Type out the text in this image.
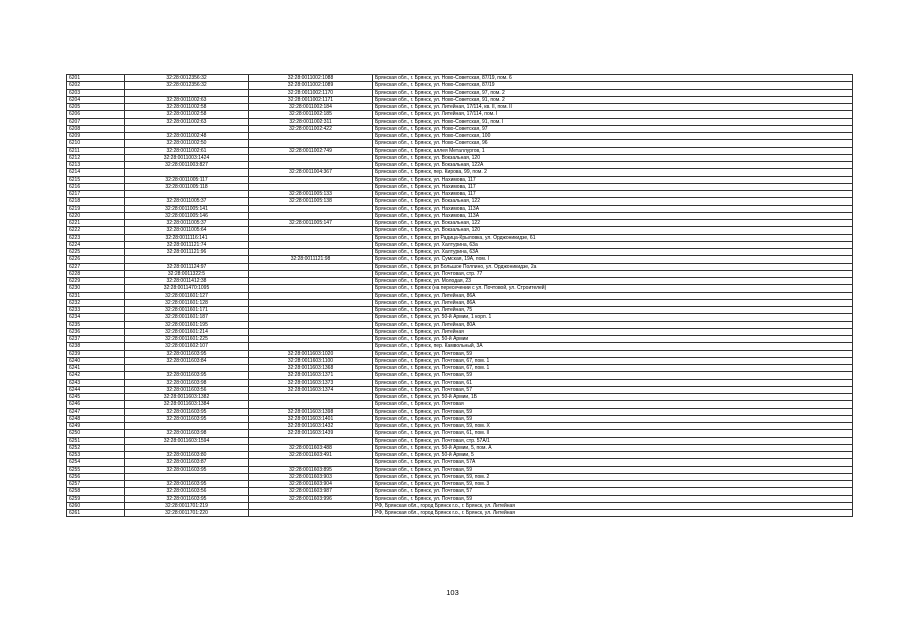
6201	32:28:0012356:32	32:28:0011002:1088	Брянская обл., г. Брянск, ул. Ново-Советская, 87/19, пом. 6
6202	32:28:0012356:32	32:28:0011002:1089	Брянская обл., г. Брянск, ул. Ново-Советская, 87/19
6203		32:28:0011002:1170	Брянская обл., г. Брянск, ул. Ново-Советская, 97, пом. 2
6204	32:28:0011002:63	32:28:0011002:1171	Брянская обл., г. Брянск, ул. Ново-Советская, 91, пом. 2
6205	32:28:0011002:58	32:28:0011002:184	Брянская обл., г. Брянск, ул. Литейная, 17/114, кв. II, пом. II
6206	32:28:0011002:58	32:28:0011002:185	Брянская обл., г. Брянск, ул. Литейная, 17/114, пом. I
6207	32:28:0011002:63	32:28:0011002:311	Брянская обл., г. Брянск, ул. Ново-Советская, 91, пом. I
6208		32:28:0011002:422	Брянская обл., г. Брянск, ул. Ново-Советская, 97
6209	32:28:0011002:48		Брянская обл., г. Брянск, ул. Ново-Советская, 100
6210	32:28:0011002:50		Брянская обл., г. Брянск, ул. Ново-Советская, 96
6211	32:28:0011002:61	32:28:0011002:749	Брянская обл., г. Брянск, аллея Металлургов, 1
6212	32:28:0011003:1424		Брянская обл., г. Брянск, ул. Вокзальная, 120
6213	32:28:0011003:827		Брянская обл., г. Брянск, ул. Вокзальная, 122А
6214		32:28:0011004:367	Брянская обл., г. Брянск, пер. Кирова, 99, пом. 2
6215	32:28:0011005:117		Брянская обл., г. Брянск, ул. Нахимова, 117
6216	32:28:0011005:118		Брянская обл., г. Брянск, ул. Нахимова, 117
6217		32:28:0011005:133	Брянская обл., г. Брянск, ул. Нахимова, 117
6218	32:28:0011005:37	32:28:0011005:138	Брянская обл., г. Брянск, ул. Вокзальная, 122
6219	32:28:0011005:141		Брянская обл., г. Брянск, ул. Нахимова, 113А
6220	32:28:0011005:146		Брянская обл., г. Брянск, ул. Нахимова, 113А
6221	32:28:0011005:37	32:28:0011005:147	Брянская обл., г. Брянск, ул. Вокзальная, 122
6222	32:28:0011005:64		Брянская обл., г. Брянск, ул. Вокзальная, 120
6223	32:28:0011116:141		Брянская обл., г. Брянск, рп Радица-Крыловка, ул. Орджоникидзе, 61
6224	32:28:0011121:74		Брянская обл., г. Брянск, ул. Халтурина, 63а
6225	32:28:0011121:96		Брянская обл., г. Брянск, ул. Халтурина, 63А
6226		32:28:0011121:98	Брянская обл., г. Брянск, ул. Сумская, 19А, пом. I
6227	32:28:0011124:97		Брянская обл., г. Брянск, рп Большое Полпино, ул. Орджоникидзе, 2а
6228	32:28:0011322:5		Брянская обл., г. Брянск, ул. Почтовая, стр. 77
6229	32:28:0011412:38		Брянская обл., г. Брянск, ул. Молодая, 23
6230	32:28:0011470:1095		Брянская обл., г. Брянск (на пересечении с ул. Почтовой, ул. Строителей)
6231	32:28:0011601:127		Брянская обл., г. Брянск, ул. Литейная, 86А
6232	32:28:0011601:128		Брянская обл., г. Брянск, ул. Литейная, 86А
6233	32:28:0011601:171		Брянская обл., г. Брянск, ул. Литейная, 75
6234	32:28:0011601:187		Брянская обл., г. Брянск, ул. 50-й Армии, 1 корп. 1
6235	32:28:0011601:195		Брянская обл., г. Брянск, ул. Литейная, 80А
6236	32:28:0011601:214		Брянская обл., г. Брянск, ул. Литейная
6237	32:28:0011601:225		Брянская обл., г. Брянск, ул. 50-й Армии
6238	32:28:0011602:107		Брянская обл., г. Брянск, пер. Камвольный, 3А
6239	32:28:0011603:95	32:28:0011603:1020	Брянская обл., г. Брянск, ул. Почтовая, 59
6240	32:28:0011603:84	32:28:0011603:1100	Брянская обл., г. Брянск, ул. Почтовая, 67, пом. 1
6241		32:28:0011603:1368	Брянская обл., г. Брянск, ул. Почтовая, 67, пом. 1
6242	32:28:0011603:95	32:28:0011603:1371	Брянская обл., г. Брянск, ул. Почтовая, 59
6243	32:28:0011603:98	32:28:0011603:1373	Брянская обл., г. Брянск, ул. Почтовая, 61
6244	32:28:0011603:56	32:28:0011603:1374	Брянская обл., г. Брянск, ул. Почтовая, 57
6245	32:28:0011603:1382		Брянская обл., г. Брянск, ул. 50-й Армии, 1Б
6246	32:28:0011603:1384		Брянская обл., г. Брянск, ул. Почтовая
6247	32:28:0011603:95	32:28:0011603:1398	Брянская обл., г. Брянск, ул. Почтовая, 59
6248	32:28:0011603:95	32:28:0011603:1401	Брянская обл., г. Брянск, ул. Почтовая, 59
6249		32:28:0011603:1432	Брянская обл., г. Брянск, ул. Почтовая, 59, пом. X
6250	32:28:0011603:98	32:28:0011603:1439	Брянская обл., г. Брянск, ул. Почтовая, 61, пом. II
6251	32:28:0011603:1594		Брянская обл., г. Брянск, ул. Почтовая, стр. 57А/1
6252		32:28:0011603:488	Брянская обл., г. Брянск, ул. 50-й Армии, 5, пом. А
6253	32:28:0011603:80	32:28:0011603:491	Брянская обл., г. Брянск, ул. 50-й Армии, 5
6254	32:28:0011603:87		Брянская обл., г. Брянск, ул. Почтовая, 57А
6255	32:28:0011603:95	32:28:0011603:895	Брянская обл., г. Брянск, ул. Почтовая, 59
6256		32:28:0011603:903	Брянская обл., г. Брянск, ул. Почтовая, 59, пом. 2
6257	32:28:0011603:95	32:28:0011603:904	Брянская обл., г. Брянск, ул. Почтовая, 59, пом. 3
6258	32:28:0011603:56	32:28:0011603:987	Брянская обл., г. Брянск, ул. Почтовая, 57
6259	32:28:0011603:95	32:28:0011603:996	Брянская обл., г. Брянск, ул. Почтовая, 59
6260	32:28:0011701:219		РФ, Брянская обл., город Брянск г.о., г. Брянск, ул. Литейная
6261	32:28:0011701:220		РФ, Брянская обл., город Брянск г.о., г. Брянск, ул. Литейная
103
